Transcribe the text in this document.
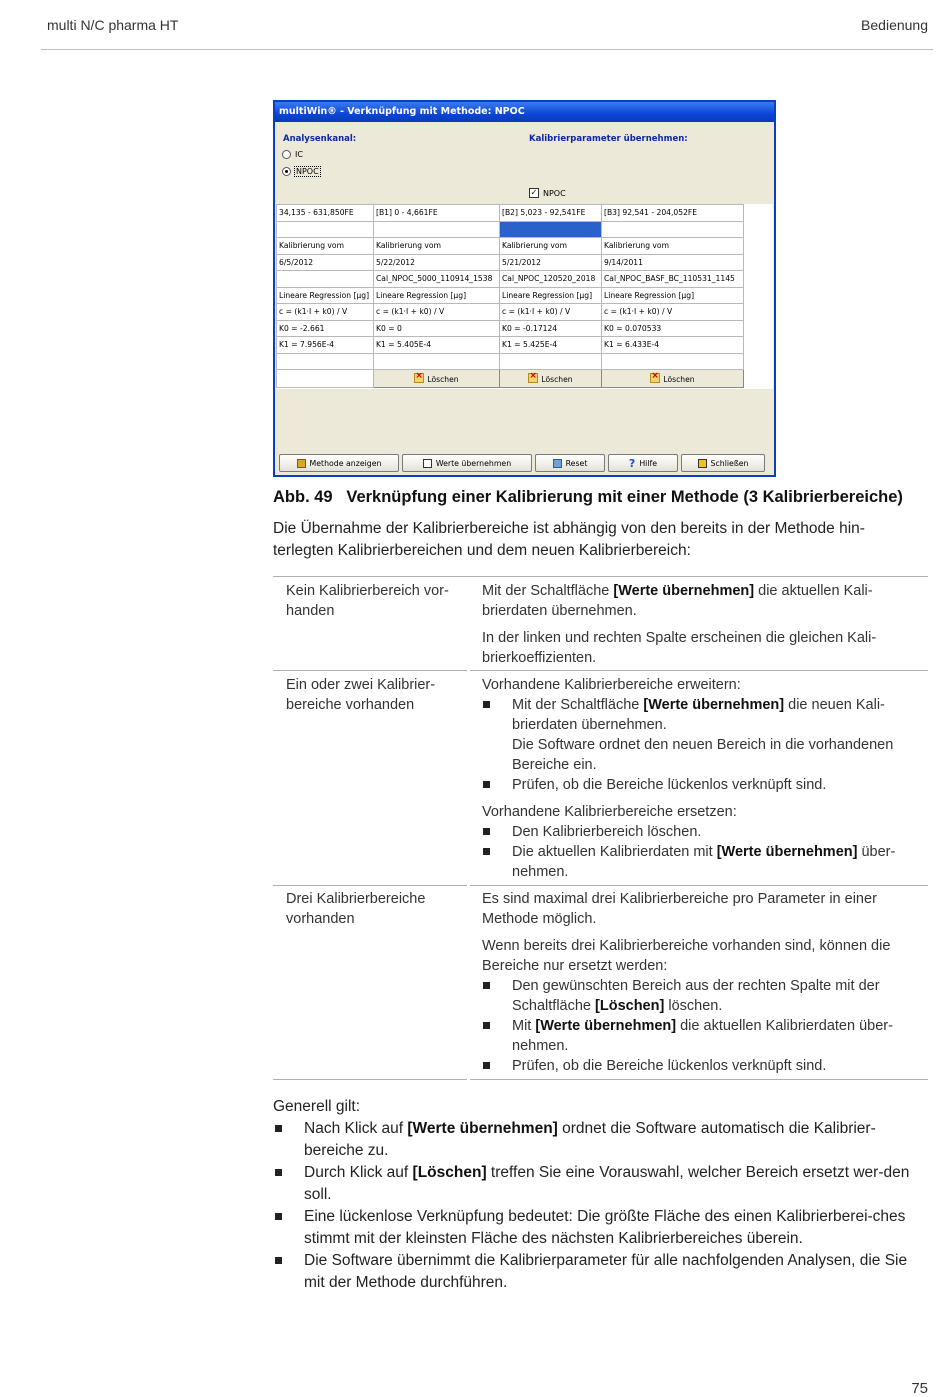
multi N/C pharma HT	Bedienung
multiWin® - Verknüpfung mit Methode: NPOC
Analysenkanal:
IC
NPOC
Kalibrierparameter übernehmen:
✓ NPOC
34,135 - 631,850FE	[B1] 0 - 4,661FE	[B2] 5,023 - 92,541FE	[B3] 92,541 - 204,052FE

Kalibrierung vom	Kalibrierung vom	Kalibrierung vom	Kalibrierung vom
6/5/2012	5/22/2012	5/21/2012	9/14/2011
	Cal_NPOC_5000_110914_1538	Cal_NPOC_120520_2018	Cal_NPOC_BASF_BC_110531_1145
Lineare Regression [µg]	Lineare Regression [µg]	Lineare Regression [µg]	Lineare Regression [µg]
c = (k1·I + k0) / V	c = (k1·I + k0) / V	c = (k1·I + k0) / V	c = (k1·I + k0) / V
K0 = -2.661	K0 = 0	K0 = -0.17124	K0 = 0.070533
K1 = 7.956E-4	K1 = 5.405E-4	K1 = 5.425E-4	K1 = 6.433E-4

	×Löschen	×Löschen	×Löschen
Methode anzeigen	Werte übernehmen	Reset	? Hilfe	Schließen
Abb. 49   Verknüpfung einer Kalibrierung mit einer Methode (3 Kalibrierbereiche)
Die Übernahme der Kalibrierbereiche ist abhängig von den bereits in der Methode hin-terlegten Kalibrierbereichen und dem neuen Kalibrierbereich:
Kein Kalibrierbereich vor-handen

Mit der Schaltfläche [Werte übernehmen] die aktuellen Kali-brierdaten übernehmen.

In der linken und rechten Spalte erscheinen die gleichen Kali-brierkoeffizienten.

Ein oder zwei Kalibrier-bereiche vorhanden

Vorhandene Kalibrierbereiche erweitern:

Mit der Schaltfläche [Werte übernehmen] die neuen Kali-brierdaten übernehmen.
Die Software ordnet den neuen Bereich in die vorhandenen Bereiche ein.
Prüfen, ob die Bereiche lückenlos verknüpft sind.

Vorhandene Kalibrierbereiche ersetzen:

Den Kalibrierbereich löschen.
Die aktuellen Kalibrierdaten mit [Werte übernehmen] über-nehmen.
Drei Kalibrierbereiche vorhanden

Es sind maximal drei Kalibrierbereiche pro Parameter in einer Methode möglich.

Wenn bereits drei Kalibrierbereiche vorhanden sind, können die Bereiche nur ersetzt werden:

Den gewünschten Bereich aus der rechten Spalte mit der Schaltfläche [Löschen] löschen.
Mit [Werte übernehmen] die aktuellen Kalibrierdaten über-nehmen.
Prüfen, ob die Bereiche lückenlos verknüpft sind.

Generell gilt:

Nach Klick auf [Werte übernehmen] ordnet die Software automatisch die Kalibrier-bereiche zu.
Durch Klick auf [Löschen] treffen Sie eine Vorauswahl, welcher Bereich ersetzt wer-den soll.
Eine lückenlose Verknüpfung bedeutet: Die größte Fläche des einen Kalibrierberei-ches stimmt mit der kleinsten Fläche des nächsten Kalibrierbereiches überein.
Die Software übernimmt die Kalibrierparameter für alle nachfolgenden Analysen, die Sie mit der Methode durchführen.
75
